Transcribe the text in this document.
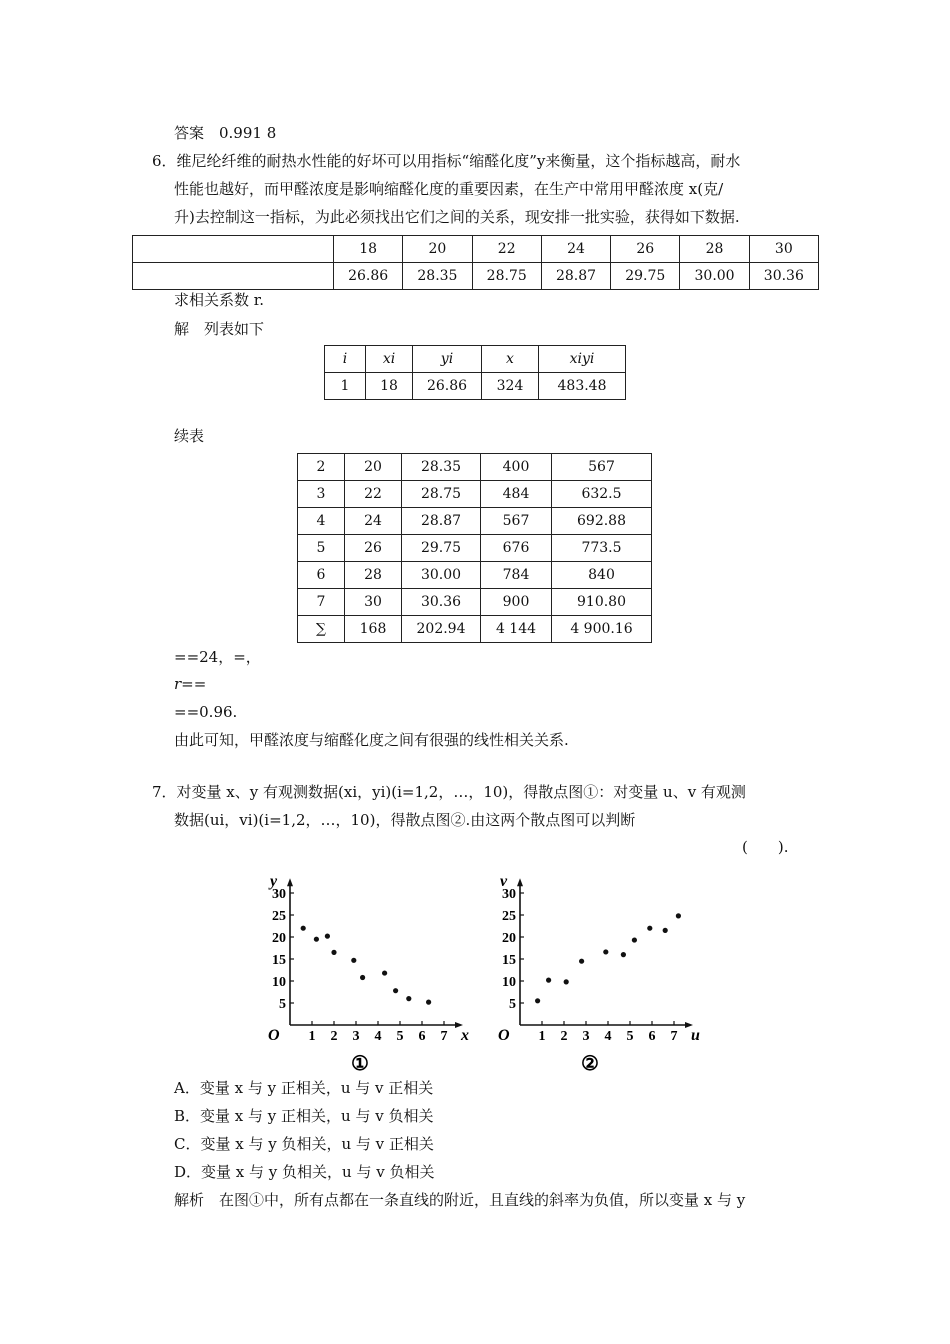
答案　0.991 8
6．维尼纶纤维的耐热水性能的好坏可以用指标“缩醛化度”y来衡量，这个指标越高，耐水
性能也越好，而甲醛浓度是影响缩醛化度的重要因素，在生产中常用甲醛浓度 x(克/
升)去控制这一指标，为此必须找出它们之间的关系，现安排一批实验，获得如下数据.
	18	20	22	24	26	28	30
	26.86	28.35	28.75	28.87	29.75	30.00	30.36
求相关系数 r.
解　列表如下
i	xi	yi	x	xiyi
1	18	26.86	324	483.48
续表
2	20	28.35	400	567
3	22	28.75	484	632.5
4	24	28.87	567	692.88
5	26	29.75	676	773.5
6	28	30.00	784	840
7	30	30.36	900	910.80
∑	168	202.94	4 144	4 900.16
==24，=，
r==
==0.96.
由此可知，甲醛浓度与缩醛化度之间有很强的线性相关关系.
7．对变量 x、y 有观测数据(xi，yi)(i=1,2，…，10)，得散点图①：对变量 u、v 有观测
数据(ui，vi)(i=1,2，…，10)，得散点图②.由这两个散点图可以判断
(　　).
1 2 3 4 5 6 7
5
10
15
20
25
30
O	x
y
①
1 2 3 4 5 6 7
5
10
15
20
25
30
O	u
v
②
A．变量 x 与 y 正相关，u 与 v 正相关
B．变量 x 与 y 正相关，u 与 v 负相关
C．变量 x 与 y 负相关，u 与 v 正相关
D．变量 x 与 y 负相关，u 与 v 负相关
解析　在图①中，所有点都在一条直线的附近，且直线的斜率为负值，所以变量 x 与 y
